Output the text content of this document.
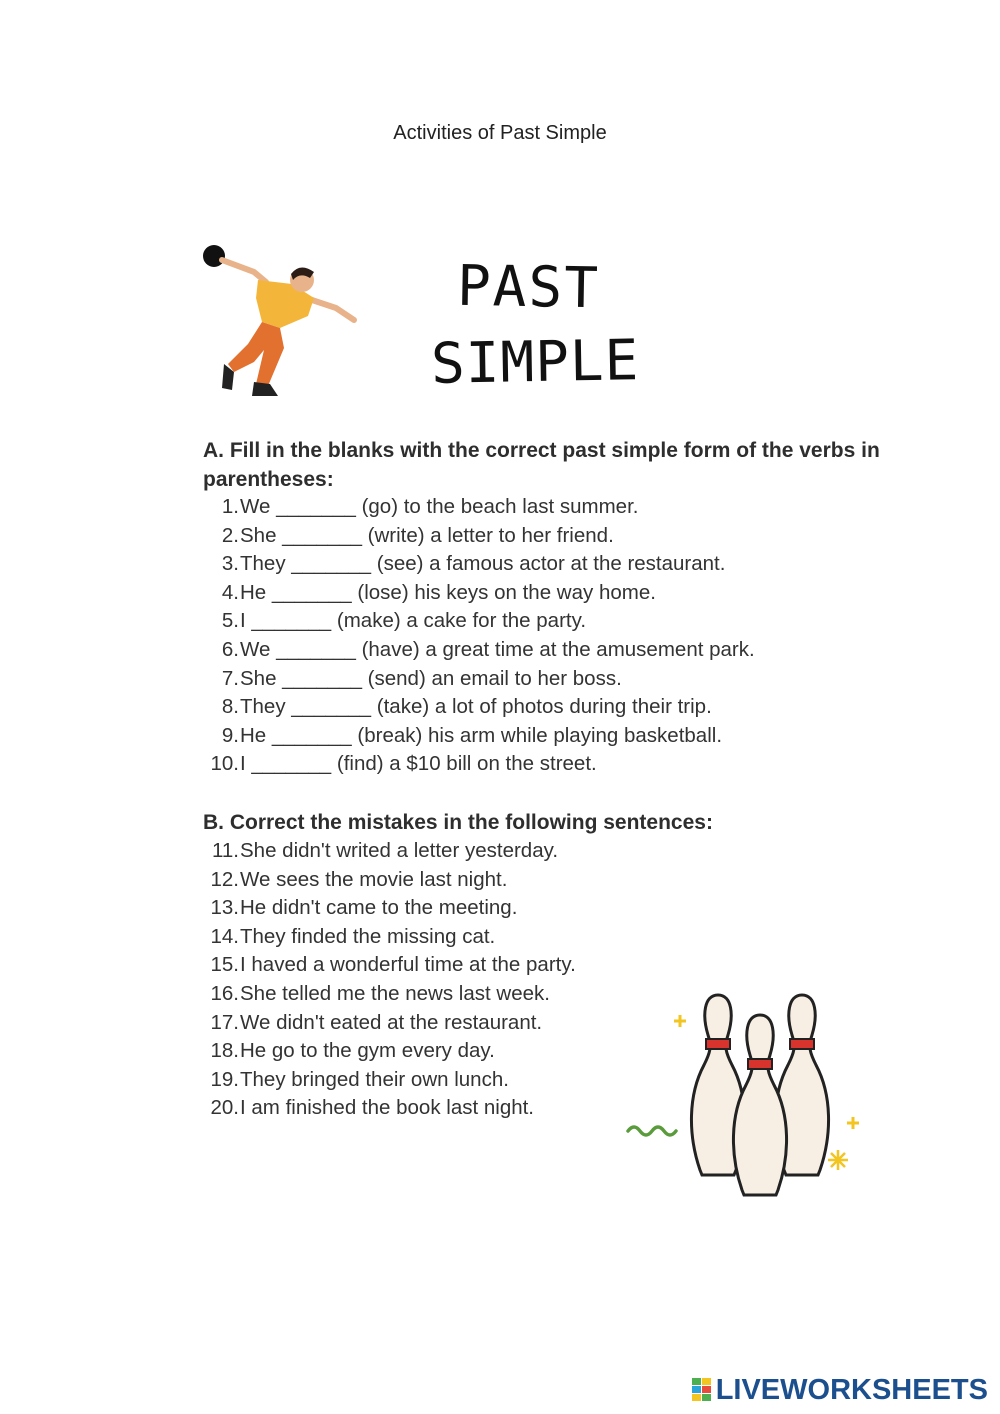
Activities of Past Simple
PAST
SIMPLE
A. Fill in the blanks with the correct past simple form of the verbs in parentheses:
1.We _______ (go) to the beach last summer.
2.She _______ (write) a letter to her friend.
3.They _______ (see) a famous actor at the restaurant.
4.He _______ (lose) his keys on the way home.
5.I _______ (make) a cake for the party.
6.We _______ (have) a great time at the amusement park.
7.She _______ (send) an email to her boss.
8.They _______ (take) a lot of photos during their trip.
9.He _______ (break) his arm while playing basketball.
10.I _______ (find) a $10 bill on the street.
B. Correct the mistakes in the following sentences:
11.She didn't writed a letter yesterday.
12.We sees the movie last night.
13.He didn't came to the meeting.
14.They finded the missing cat.
15.I haved a wonderful time at the party.
16.She telled me the news last week.
17.We didn't eated at the restaurant.
18.He go to the gym every day.
19.They bringed their own lunch.
20.I am finished the book last night.
LIVEWORKSHEETS
